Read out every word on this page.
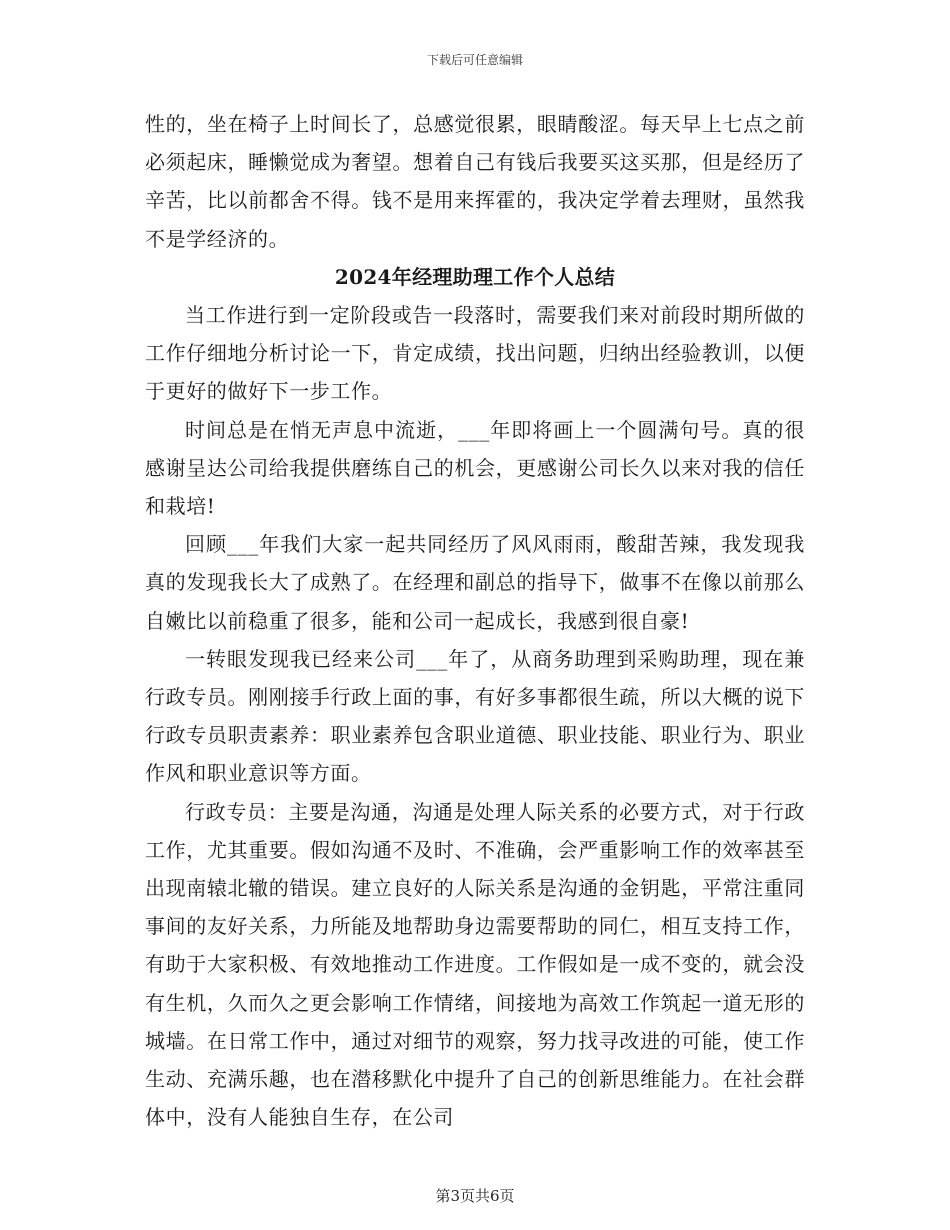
下载后可任意编辑

性的，坐在椅子上时间长了，总感觉很累，眼睛酸涩。每天早上七点之前必须起床，睡懒觉成为奢望。想着自己有钱后我要买这买那，但是经历了辛苦，比以前都舍不得。钱不是用来挥霍的，我决定学着去理财，虽然我不是学经济的。

2024年经理助理工作个人总结

当工作进行到一定阶段或告一段落时，需要我们来对前段时期所做的工作仔细地分析讨论一下，肯定成绩，找出问题，归纳出经验教训，以便于更好的做好下一步工作。

时间总是在悄无声息中流逝，___年即将画上一个圆满句号。真的很感谢呈达公司给我提供磨练自己的机会，更感谢公司长久以来对我的信任和栽培!

回顾___年我们大家一起共同经历了风风雨雨，酸甜苦辣，我发现我真的发现我长大了成熟了。在经理和副总的指导下，做事不在像以前那么自嫩比以前稳重了很多，能和公司一起成长，我感到很自豪!

一转眼发现我已经来公司___年了，从商务助理到采购助理，现在兼行政专员。刚刚接手行政上面的事，有好多事都很生疏，所以大概的说下行政专员职责素养：职业素养包含职业道德、职业技能、职业行为、职业作风和职业意识等方面。

行政专员：主要是沟通，沟通是处理人际关系的必要方式，对于行政工作，尤其重要。假如沟通不及时、不准确，会严重影响工作的效率甚至出现南辕北辙的错误。建立良好的人际关系是沟通的金钥匙，平常注重同事间的友好关系，力所能及地帮助身边需要帮助的同仁，相互支持工作，有助于大家积极、有效地推动工作进度。工作假如是一成不变的，就会没有生机，久而久之更会影响工作情绪，间接地为高效工作筑起一道无形的城墙。在日常工作中，通过对细节的观察，努力找寻改进的可能，使工作生动、充满乐趣，也在潜移默化中提升了自己的创新思维能力。在社会群体中，没有人能独自生存，在公司

第3页共6页
